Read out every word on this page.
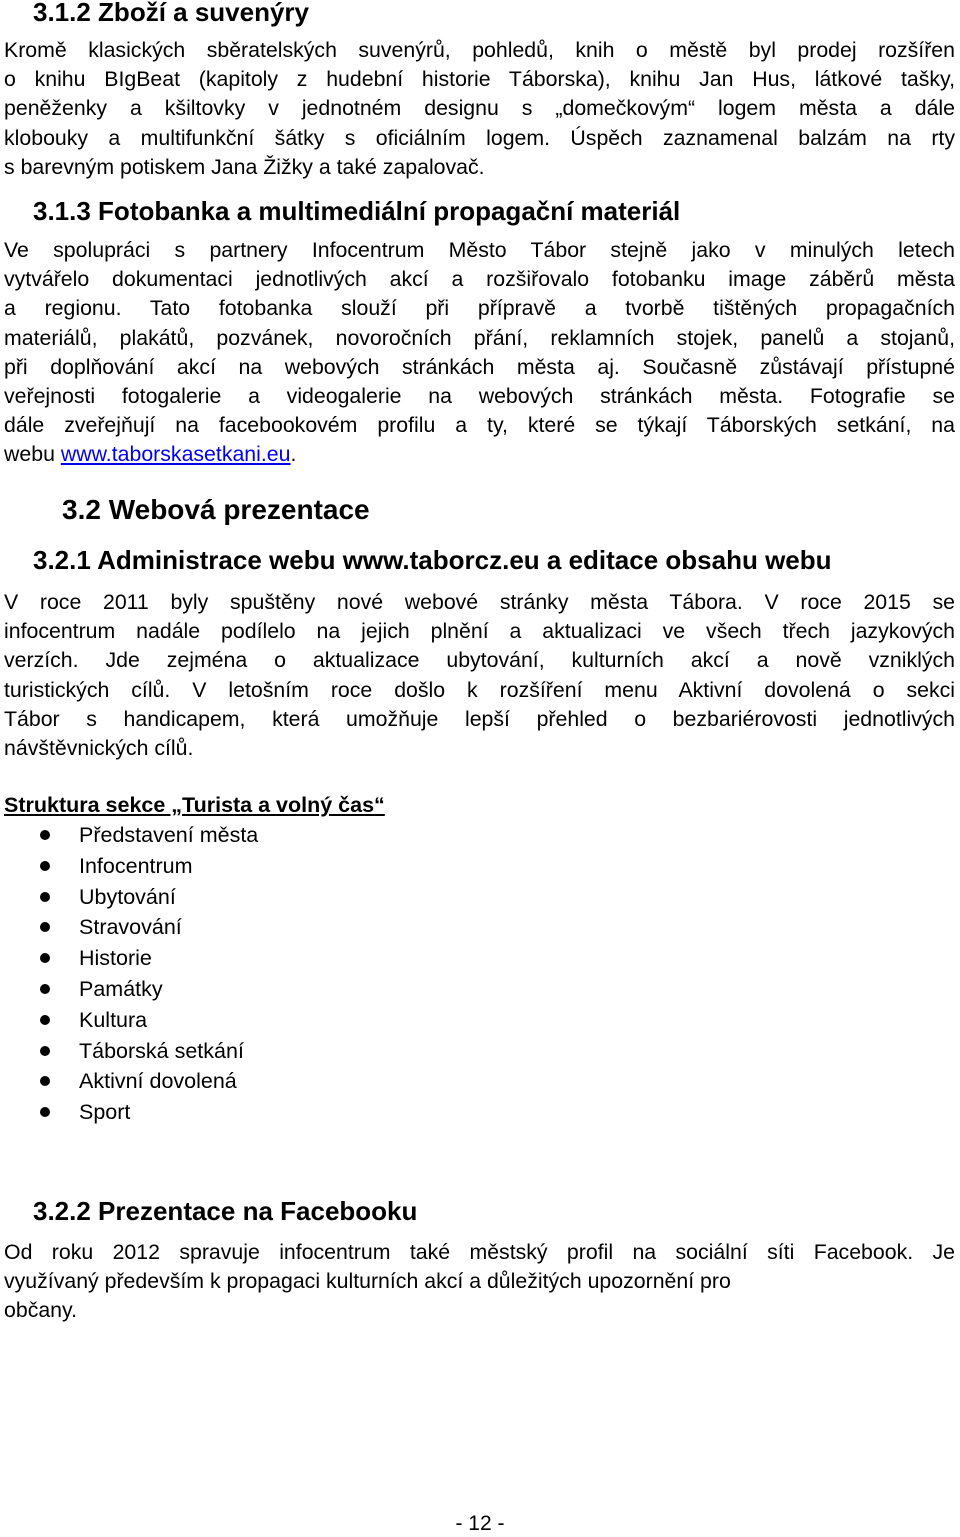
3.1.2 Zboží a suvenýry

Kromě klasických sběratelských suvenýrů, pohledů, knih o městě byl prodej rozšířen
o knihu BIgBeat (kapitoly z hudební historie Táborska), knihu Jan Hus, látkové tašky,
peněženky a kšiltovky v jednotném designu s „domečkovým“ logem města a dále
klobouky a multifunkční šátky s oficiálním logem. Úspěch zaznamenal balzám na rty
s barevným potiskem Jana Žižky a také zapalovač.

3.1.3 Fotobanka a multimediální propagační materiál

Ve spolupráci s partnery Infocentrum Město Tábor stejně jako v minulých letech
vytvářelo dokumentaci jednotlivých akcí a rozšiřovalo fotobanku image záběrů města
a regionu. Tato fotobanka slouží při přípravě a tvorbě tištěných propagačních
materiálů, plakátů, pozvánek, novoročních přání, reklamních stojek, panelů a stojanů,
při doplňování akcí na webových stránkách města aj. Současně zůstávají přístupné
veřejnosti fotogalerie a videogalerie na webových stránkách města. Fotografie se
dále zveřejňují na facebookovém profilu a ty, které se týkají Táborských setkání, na
webu www.taborskasetkani.eu.

3.2 Webová prezentace
3.2.1 Administrace webu www.taborcz.eu a editace obsahu webu

V roce 2011 byly spuštěny nové webové stránky města Tábora. V roce 2015 se
infocentrum nadále podílelo na jejich plnění a aktualizaci ve všech třech jazykových
verzích. Jde zejména o aktualizace ubytování, kulturních akcí a nově vzniklých
turistických cílů. V letošním roce došlo k rozšíření menu Aktivní dovolená o sekci
Tábor s handicapem, která umožňuje lepší přehled o bezbariérovosti jednotlivých
návštěvnických cílů.

Struktura sekce „Turista a volný čas“

Představení města
Infocentrum
Ubytování
Stravování
Historie
Památky
Kultura
Táborská setkání
Aktivní dovolená
Sport
3.2.2 Prezentace na Facebooku

Od roku 2012 spravuje infocentrum také městský profil na sociální síti Facebook. Je
využívaný především k propagaci kulturních akcí a důležitých upozornění pro
občany.

- 12 -
